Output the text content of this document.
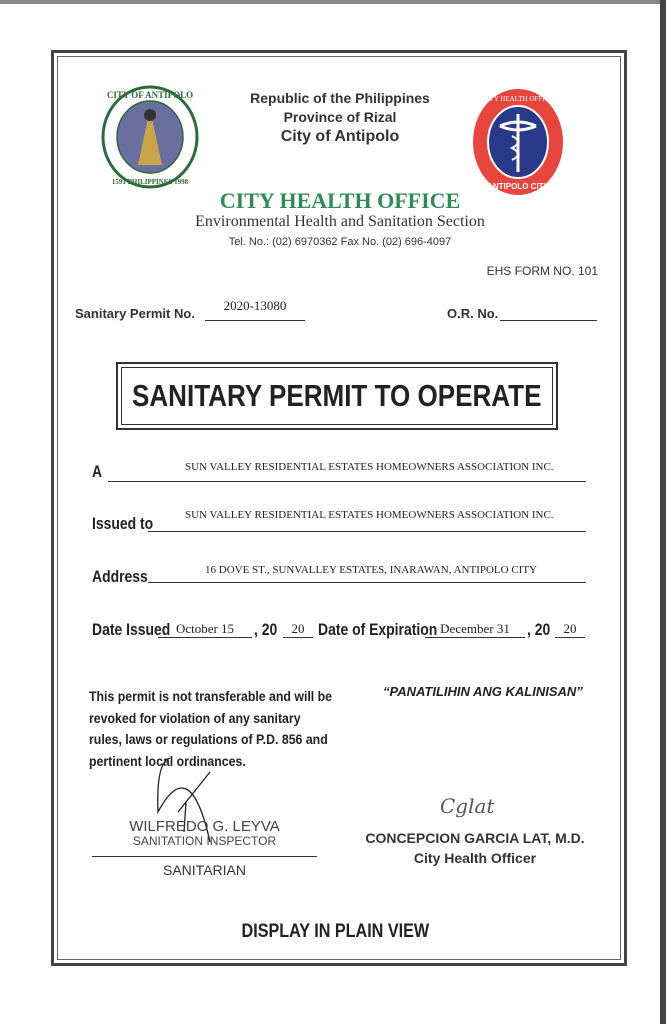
CITY OF ANTIPOLO
1591 PHILIPPINES 1998
CITY HEALTH OFFICE
ANTIPOLO CITY
Republic of the Philippines
Province of Rizal
City of Antipolo
CITY HEALTH OFFICE
Environmental Health and Sanitation Section
Tel. No.: (02) 6970362 Fax No. (02) 696-4097
EHS FORM NO. 101
Sanitary Permit No.
2020-13080
O.R. No.
SANITARY PERMIT TO OPERATE
A	SUN VALLEY RESIDENTIAL ESTATES HOMEOWNERS ASSOCIATION INC.
Issued to	SUN VALLEY RESIDENTIAL ESTATES HOMEOWNERS ASSOCIATION INC.
Address	16 DOVE ST., SUNVALLEY ESTATES, INARAWAN, ANTIPOLO CITY
Date Issued October 15	, 20	20 Date of Expiration December 31	, 20	20
This permit is not transferable and will be revoked for violation of any sanitary rules, laws or regulations of P.D. 856 and pertinent local ordinances.
“PANATILIHIN ANG KALINISAN”
WILFREDO G. LEYVA
SANITATION INSPECTOR
SANITARIAN
Cglat
CONCEPCION GARCIA LAT, M.D.
City Health Officer
DISPLAY IN PLAIN VIEW
